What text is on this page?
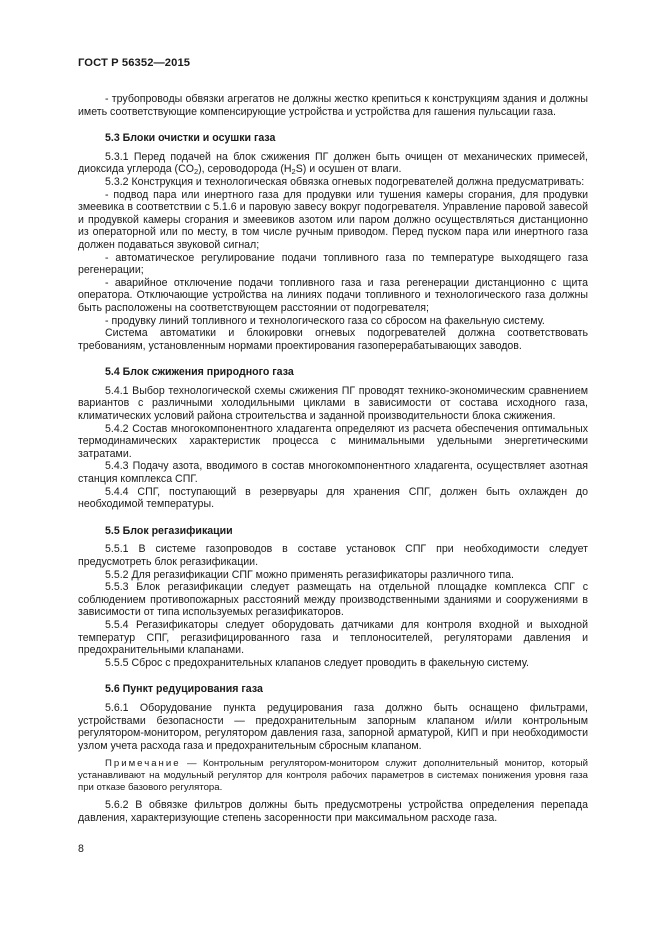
ГОСТ Р 56352—2015

- трубопроводы обвязки агрегатов не должны жестко крепиться к конструкциям здания и должны иметь соответствующие компенсирующие устройства и устройства для гашения пульсации газа.

5.3 Блоки очистки и осушки газа

5.3.1 Перед подачей на блок сжижения ПГ должен быть очищен от механических примесей, диоксида углерода $(CO_2)$, сероводорода $(H_2S)$ и осушен от влаги.

5.3.2 Конструкция и технологическая обвязка огневых подогревателей должна предусматривать:

- подвод пара или инертного газа для продувки или тушения камеры сгорания, для продувки змеевика в соответствии с 5.1.6 и паровую завесу вокруг подогревателя. Управление паровой завесой и продувкой камеры сгорания и змеевиков азотом или паром должно осуществляться дистанционно из операторной или по месту, в том числе ручным приводом. Перед пуском пара или инертного газа должен подаваться звуковой сигнал;

- автоматическое регулирование подачи топливного газа по температуре выходящего газа регенерации;

- аварийное отключение подачи топливного газа и газа регенерации дистанционно с щита оператора. Отключающие устройства на линиях подачи топливного и технологического газа должны быть расположены на соответствующем расстоянии от подогревателя;

- продувку линий топливного и технологического газа со сбросом на факельную систему.

Система автоматики и блокировки огневых подогревателей должна соответствовать требованиям, установленным нормами проектирования газоперерабатывающих заводов.

5.4 Блок сжижения природного газа

5.4.1 Выбор технологической схемы сжижения ПГ проводят технико-экономическим сравнением вариантов с различными холодильными циклами в зависимости от состава исходного газа, климатических условий района строительства и заданной производительности блока сжижения.

5.4.2 Состав многокомпонентного хладагента определяют из расчета обеспечения оптимальных термодинамических характеристик процесса с минимальными удельными энергетическими затратами.

5.4.3 Подачу азота, вводимого в состав многокомпонентного хладагента, осуществляет азотная станция комплекса СПГ.

5.4.4 СПГ, поступающий в резервуары для хранения СПГ, должен быть охлажден до необходимой температуры.

5.5 Блок регазификации

5.5.1 В системе газопроводов в составе установок СПГ при необходимости следует предусмотреть блок регазификации.

5.5.2 Для регазификации СПГ можно применять регазификаторы различного типа.

5.5.3 Блок регазификации следует размещать на отдельной площадке комплекса СПГ с соблюдением противопожарных расстояний между производственными зданиями и сооружениями в зависимости от типа используемых регазификаторов.

5.5.4 Регазификаторы следует оборудовать датчиками для контроля входной и выходной температур СПГ, регазифицированного газа и теплоносителей, регуляторами давления и предохранительными клапанами.

5.5.5 Сброс с предохранительных клапанов следует проводить в факельную систему.

5.6 Пункт редуцирования газа

5.6.1 Оборудование пункта редуцирования газа должно быть оснащено фильтрами, устройствами безопасности — предохранительным запорным клапаном и/или контрольным регулятором-монитором, регулятором давления газа, запорной арматурой, КИП и при необходимости узлом учета расхода газа и предохранительным сбросным клапаном.

Примечание — Контрольным регулятором-монитором служит дополнительный монитор, который устанавливают на модульный регулятор для контроля рабочих параметров в системах понижения уровня газа при отказе базового регулятора.

5.6.2 В обвязке фильтров должны быть предусмотрены устройства определения перепада давления, характеризующие степень засоренности при максимальном расходе газа.

8
